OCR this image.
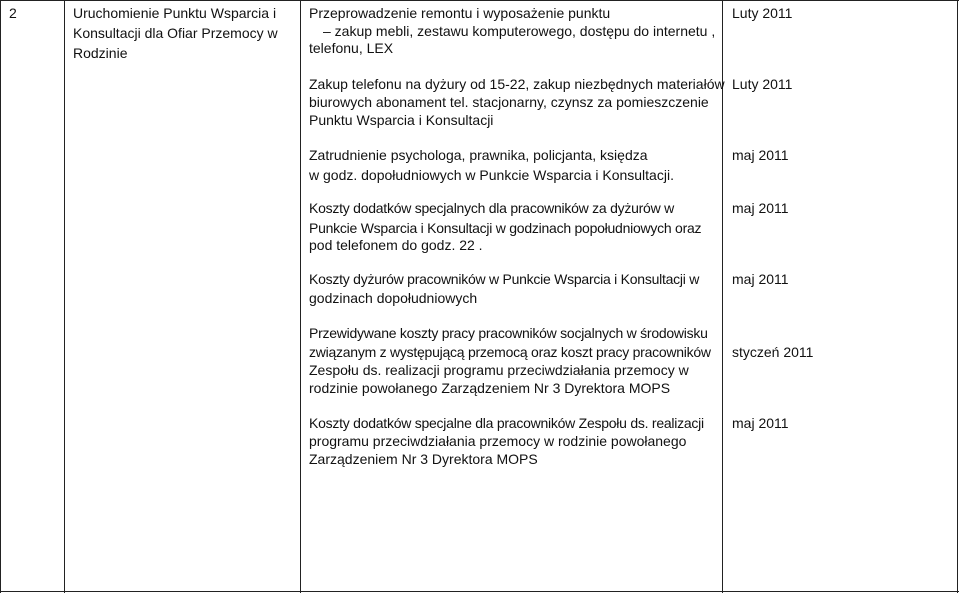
2	Uruchomienie Punktu Wsparcia i
Konsultacji dla Ofiar Przemocy w
Rodzinie
Przeprowadzenie remontu i wyposażenie punktu
– zakup mebli, zestawu komputerowego, dostępu do internetu ,
telefonu, LEX
Zakup telefonu na dyżury od 15-22, zakup niezbędnych materiałów
biurowych abonament tel. stacjonarny, czynsz za pomieszczenie
Punktu Wsparcia i Konsultacji
Zatrudnienie psychologa, prawnika, policjanta, księdza
w godz. dopołudniowych w Punkcie Wsparcia i Konsultacji.
Koszty dodatków specjalnych dla pracowników za dyżurów w
Punkcie Wsparcia i Konsultacji w godzinach popołudniowych oraz
pod telefonem do godz. 22 .
Koszty dyżurów pracowników w Punkcie Wsparcia i Konsultacji w
godzinach dopołudniowych
Przewidywane koszty pracy pracowników socjalnych w środowisku
związanym z występującą przemocą oraz koszt pracy pracowników
Zespołu ds. realizacji programu przeciwdziałania przemocy w
rodzinie powołanego Zarządzeniem Nr 3 Dyrektora MOPS
Koszty dodatków specjalne dla pracowników Zespołu ds. realizacji
programu przeciwdziałania przemocy w rodzinie powołanego
Zarządzeniem Nr 3 Dyrektora MOPS
Luty 2011
Luty 2011
maj 2011
maj 2011
maj 2011
styczeń 2011
maj 2011
